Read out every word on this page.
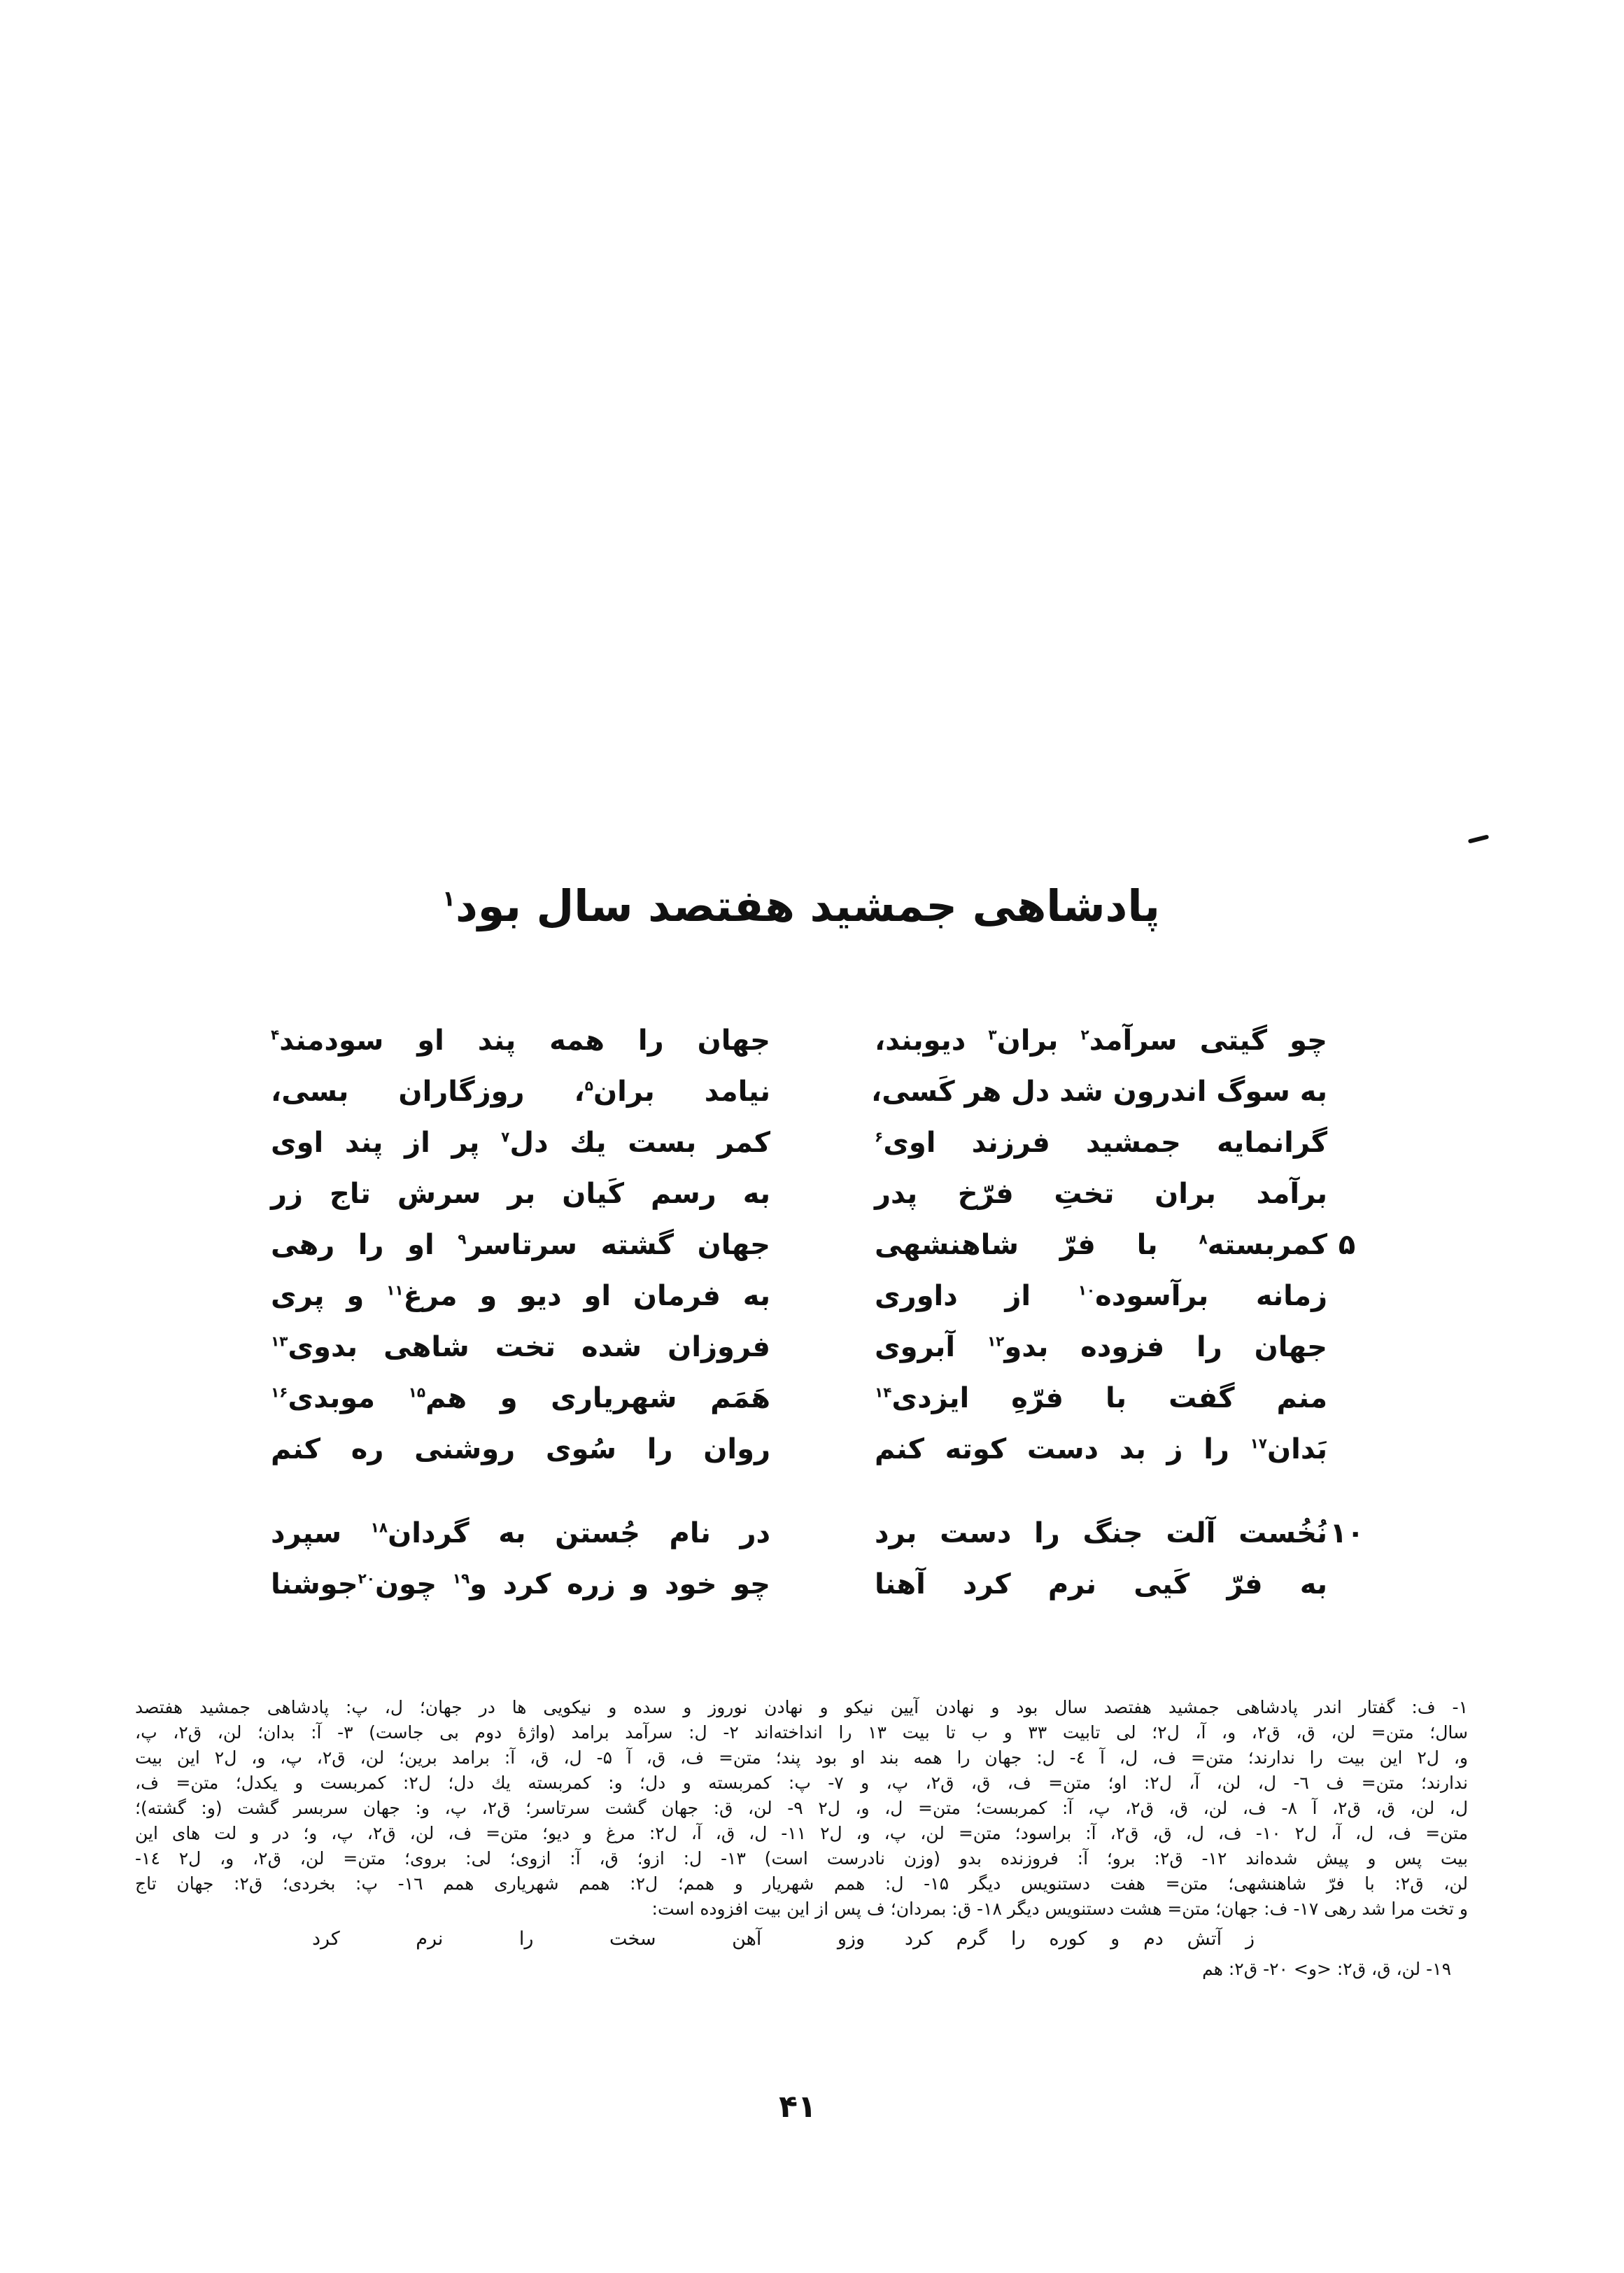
پادشاهی جمشید هفتصد سال بود$^۱$
چو گیتی سرآمد$^۲$ بران$^۳$ دیوبند،
جهان را همه پند او سودمند$^۴$
به سوگ اندرون شد دل هر کَسی،
نیامد بران$^۵$، روزگاران بسی،
گرانمایه جمشید فرزند اوی$^۶$
کمر بست یك دل$^۷$ پر از پند اوی
برآمد بران تختِ فرّخ پدر
به رسم کَیان بر سرش تاج زر
۵
کمربسته$^۸$ با فرّ شاهنشهی
جهان گشته سرتاسر$^۹$ او را رهی
زمانه برآسوده$^{۱۰}$ از داوری
به فرمان او دیو و مرغ$^{۱۱}$ و پری
جهان را فزوده بدو$^{۱۲}$ آبروی
فروزان شده تخت شاهی بدوی$^{۱۳}$
منم گفت با فرّهِ ایزدی$^{۱۴}$
هَمَم شهریاری و هم$^{۱۵}$ موبدی$^{۱۶}$
بَدان$^{۱۷}$ را ز بد دست کوته کنم
روان را سُوی روشنی ره کنم
۱۰
نُخُست آلت جنگ را دست برد
در نام جُستن به گردان$^{۱۸}$ سپرد
به فرّ کَیی نرم کرد آهنا
چو خود و زره کرد و$^{۱۹}$ چون$^{۲۰}$جوشنا
۱- ف: گفتار اندر پادشاهی جمشید هفتصد سال بود و نهادن آیین نیکو و نهادن نوروز و سده و نیکویی ها در جهان؛ ل، پ: پادشاهی جمشید هفتصد
سال؛ متن= لن، ق، ق۲، و، آ، ل۲؛ لی تابیت ۳۳ و ب تا بیت ۱۳ را انداخته‌اند ۲- ل: سرآمد برامد (واژهٔ دوم بی جاست) ۳- آ: بدان؛ لن، ق۲، پ،
و، ل۲ این بیت را ندارند؛ متن= ف، ل، آ ٤- ل: جهان را همه بند او بود پند؛ متن= ف، ق، آ ۵- ل، ق، آ: برامد برین؛ لن، ق۲، پ، و، ل۲ این بیت
ندارند؛ متن= ف ٦- ل، لن، آ، ل۲: او؛ متن= ف، ق، ق۲، پ، و ۷- پ: کمربسته و دل؛ و: کمربسته یك دل؛ ل۲: کمربست و یکدل؛ متن= ف،
ل، لن، ق، ق۲، آ ۸- ف، لن، ق، ق۲، پ، آ: کمربست؛ متن= ل، و، ل۲ ۹- لن، ق: جهان گشت سرتاسر؛ ق۲، پ، و: جهان سربسر گشت (و: گشته)؛
متن= ف، ل، آ، ل۲ ۱۰- ف، ل، ق، ق۲، آ: براسود؛ متن= لن، پ، و، ل۲ ۱۱- ل، ق، آ، ل۲: مرغ و دیو؛ متن= ف، لن، ق۲، پ، و؛ در و لت های این
بیت پس و پیش شده‌اند ۱۲- ق۲: برو؛ آ: فروزنده بدو (وزن نادرست است) ۱۳- ل: ازو؛ ق، آ: ازوی؛ لی: بروی؛ متن= لن، ق۲، و، ل۲ ١٤-
لن، ق۲: با فرّ شاهنشهی؛ متن= هفت دستنویس دیگر ۱۵- ل: همم شهریار و همم؛ ل۲: همم شهریاری همم ١٦- پ: بخردی؛ ق۲: جهان تاج
و تخت مرا شد رهی ۱۷- ف: جهان؛ متن= هشت دستنویس دیگر ۱۸- ق: بمردان؛ ف پس از این بیت افزوده است:
ز آتش دم و کوره را گرم کرد
وزو آهن سخت را نرم کرد
۱۹- لن، ق، ق۲: <و> ۲۰- ق۲: هم
۴۱
